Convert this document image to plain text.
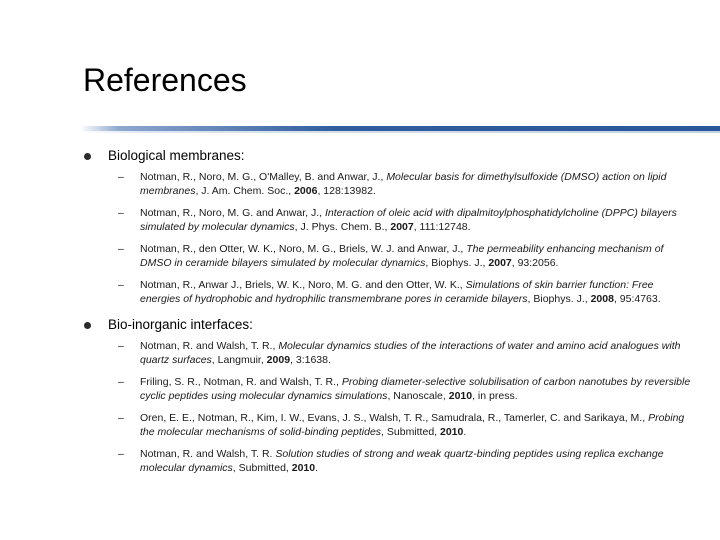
References
Biological membranes:
– Notman, R., Noro, M. G., O'Malley, B. and Anwar, J., Molecular basis for dimethylsulfoxide (DMSO) action on lipid membranes, J. Am. Chem. Soc., 2006, 128:13982.
– Notman, R., Noro, M. G. and Anwar, J., Interaction of oleic acid with dipalmitoylphosphatidylcholine (DPPC) bilayers simulated by molecular dynamics, J. Phys. Chem. B., 2007, 111:12748.
– Notman, R., den Otter, W. K., Noro, M. G., Briels, W. J. and Anwar, J., The permeability enhancing mechanism of DMSO in ceramide bilayers simulated by molecular dynamics, Biophys. J., 2007, 93:2056.
– Notman, R., Anwar J., Briels, W. K., Noro, M. G. and den Otter, W. K., Simulations of skin barrier function: Free energies of hydrophobic and hydrophilic transmembrane pores in ceramide bilayers, Biophys. J., 2008, 95:4763.
Bio-inorganic interfaces:
– Notman, R. and Walsh, T. R., Molecular dynamics studies of the interactions of water and amino acid analogues with quartz surfaces, Langmuir, 2009, 3:1638.
– Friling, S. R., Notman, R. and Walsh, T. R., Probing diameter-selective solubilisation of carbon nanotubes by reversible cyclic peptides using molecular dynamics simulations, Nanoscale, 2010, in press.
– Oren, E. E., Notman, R., Kim, I. W., Evans, J. S., Walsh, T. R., Samudrala, R., Tamerler, C. and Sarikaya, M., Probing the molecular mechanisms of solid-binding peptides, Submitted, 2010.
– Notman, R. and Walsh, T. R. Solution studies of strong and weak quartz-binding peptides using replica exchange molecular dynamics, Submitted, 2010.
